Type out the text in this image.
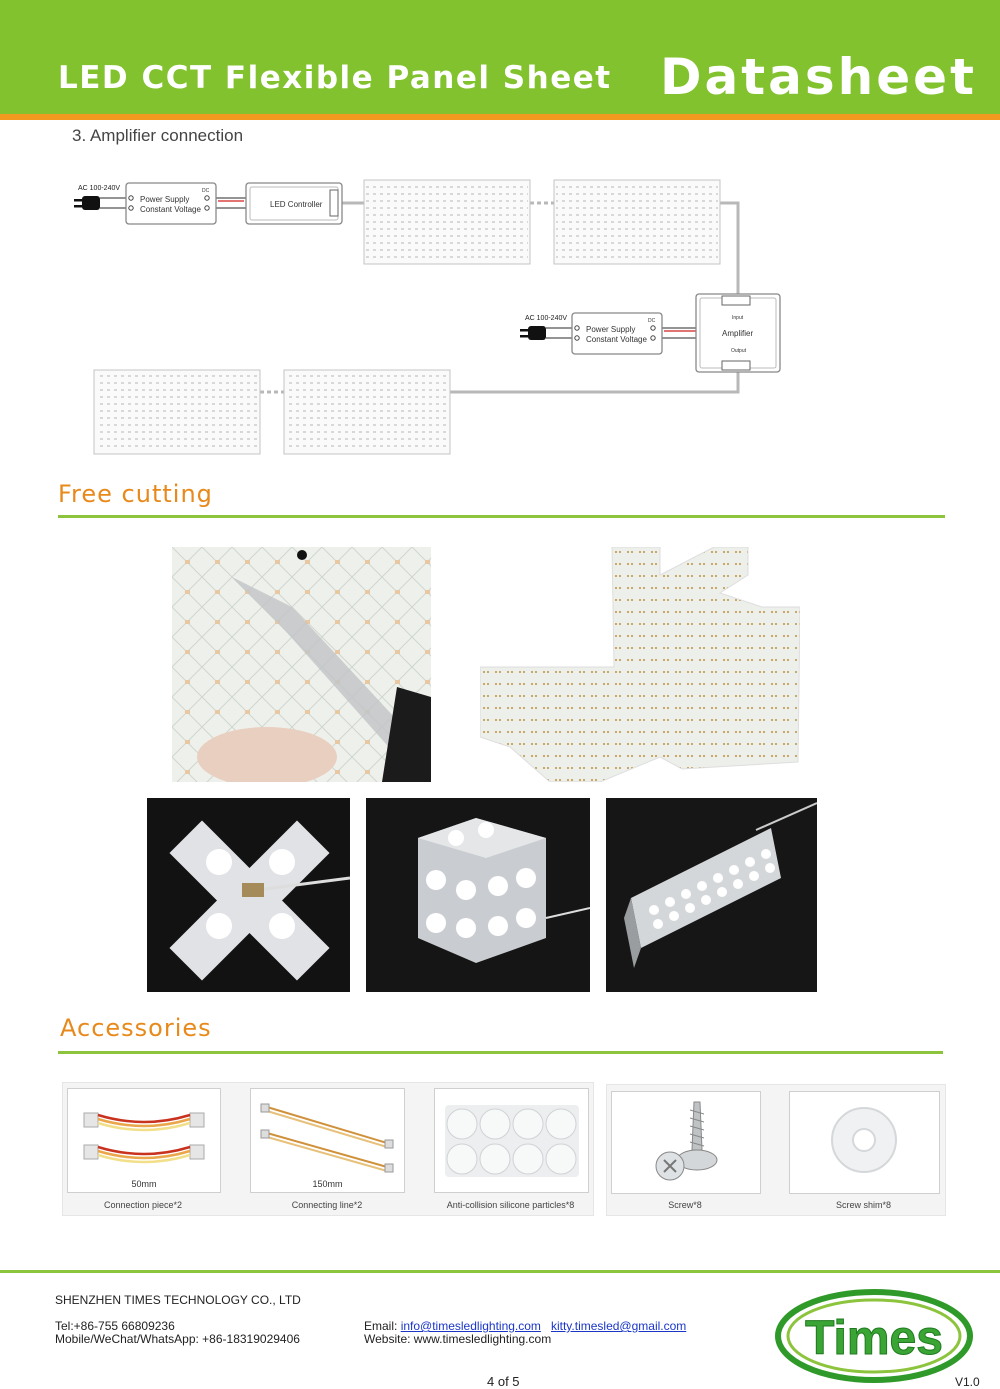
LED CCT Flexible Panel Sheet Datasheet
3. Amplifier connection
AC 100-240V
Power Supply
Constant Voltage
DC
LED Controller
AC 100-240V
Power Supply
Constant Voltage
DC	Input
Amplifier
Output
Free cutting
Accessories
50mm
Connection piece*2
150mm
Connecting line*2	Anti-collision silicone particles*8	Screw*8	Screw shim*8
SHENZHEN TIMES TECHNOLOGY CO., LTD
Tel:+86-755 66809236
Mobile/WeChat/WhatsApp: +86-18319029406
Email: info@timesledlighting.com kitty.timesled@gmail.com
Website: www.timesledlighting.com
4 of 5	V1.0
Times
